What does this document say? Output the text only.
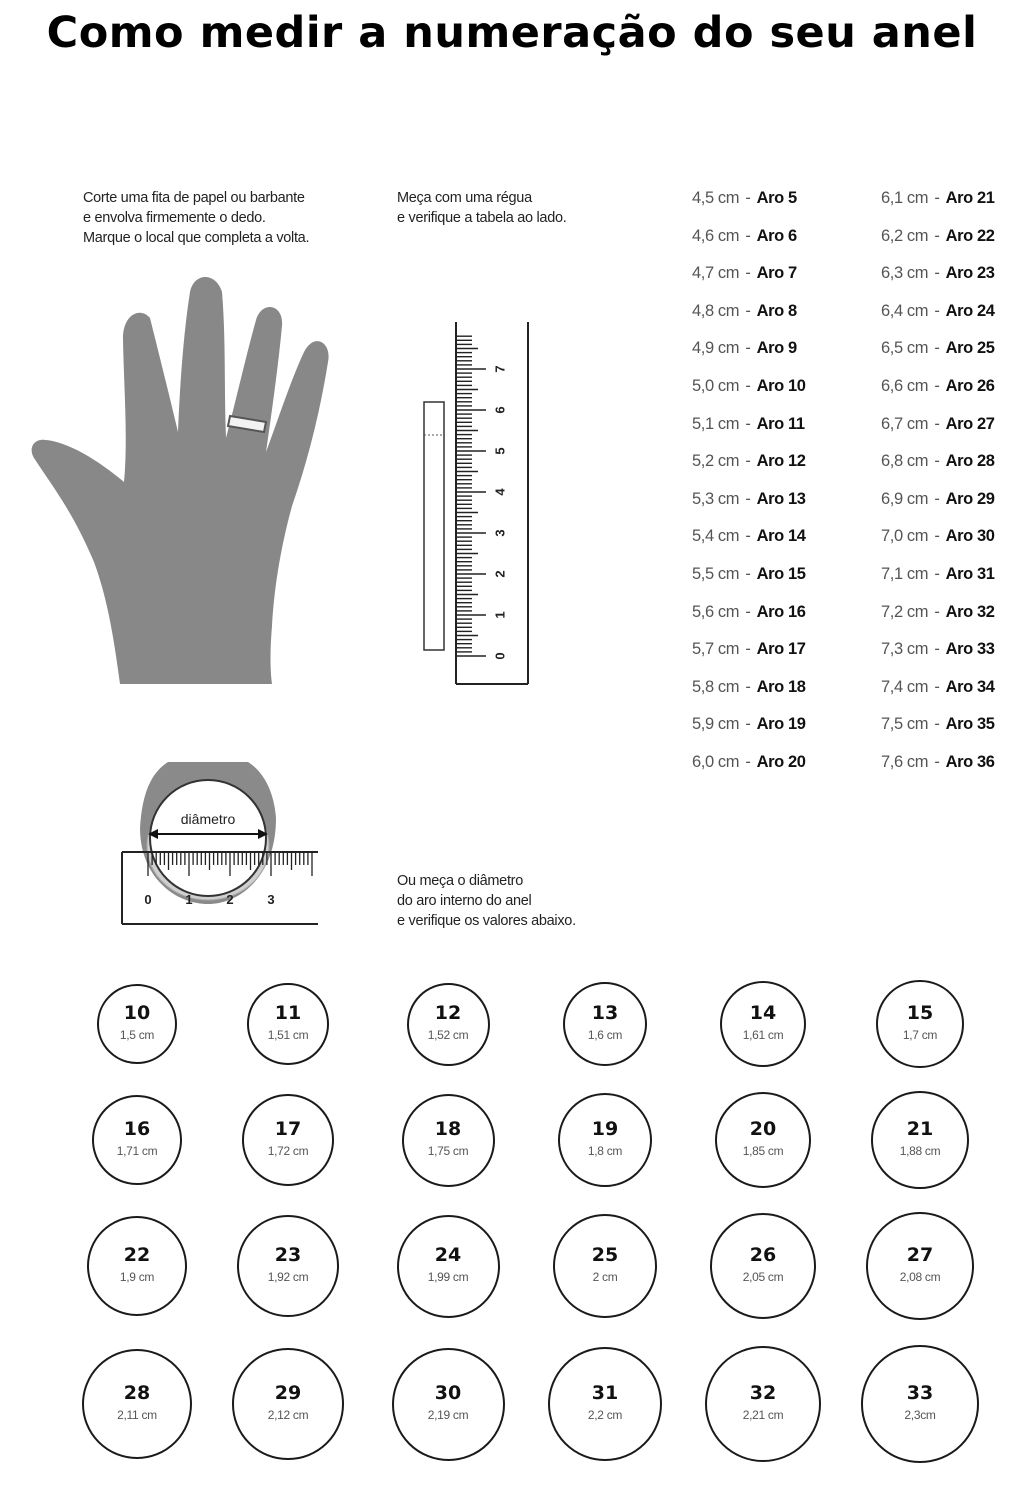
Como medir a numeração do seu anel
Corte uma fita de papel ou barbante
e envolva firmemente o dedo.
Marque o local que completa a volta.
Meça com uma régua
e verifique a tabela ao lado.
Ou meça o diâmetro
do aro interno do anel
e verifique os valores abaixo.
0
1
2
3
4
5
6
7
diâmetro
0	1	2	3
4,5 cm - Aro 5
4,6 cm - Aro 6
4,7 cm - Aro 7
4,8 cm - Aro 8
4,9 cm - Aro 9
5,0 cm - Aro 10
5,1 cm - Aro 11
5,2 cm - Aro 12
5,3 cm - Aro 13
5,4 cm - Aro 14
5,5 cm - Aro 15
5,6 cm - Aro 16
5,7 cm - Aro 17
5,8 cm - Aro 18
5,9 cm - Aro 19
6,0 cm - Aro 20
6,1 cm - Aro 21
6,2 cm - Aro 22
6,3 cm - Aro 23
6,4 cm - Aro 24
6,5 cm - Aro 25
6,6 cm - Aro 26
6,7 cm - Aro 27
6,8 cm - Aro 28
6,9 cm - Aro 29
7,0 cm - Aro 30
7,1 cm - Aro 31
7,2 cm - Aro 32
7,3 cm - Aro 33
7,4 cm - Aro 34
7,5 cm - Aro 35
7,6 cm - Aro 36
10
1,5 cm
11
1,51 cm
12
1,52 cm
13
1,6 cm
14
1,61 cm
15
1,7 cm
16
1,71 cm
17
1,72 cm
18
1,75 cm
19
1,8 cm
20
1,85 cm
21
1,88 cm
22
1,9 cm
23
1,92 cm
24
1,99 cm
25
2 cm
26
2,05 cm
27
2,08 cm
28
2,11 cm
29
2,12 cm
30
2,19 cm
31
2,2 cm
32
2,21 cm
33
2,3cm
